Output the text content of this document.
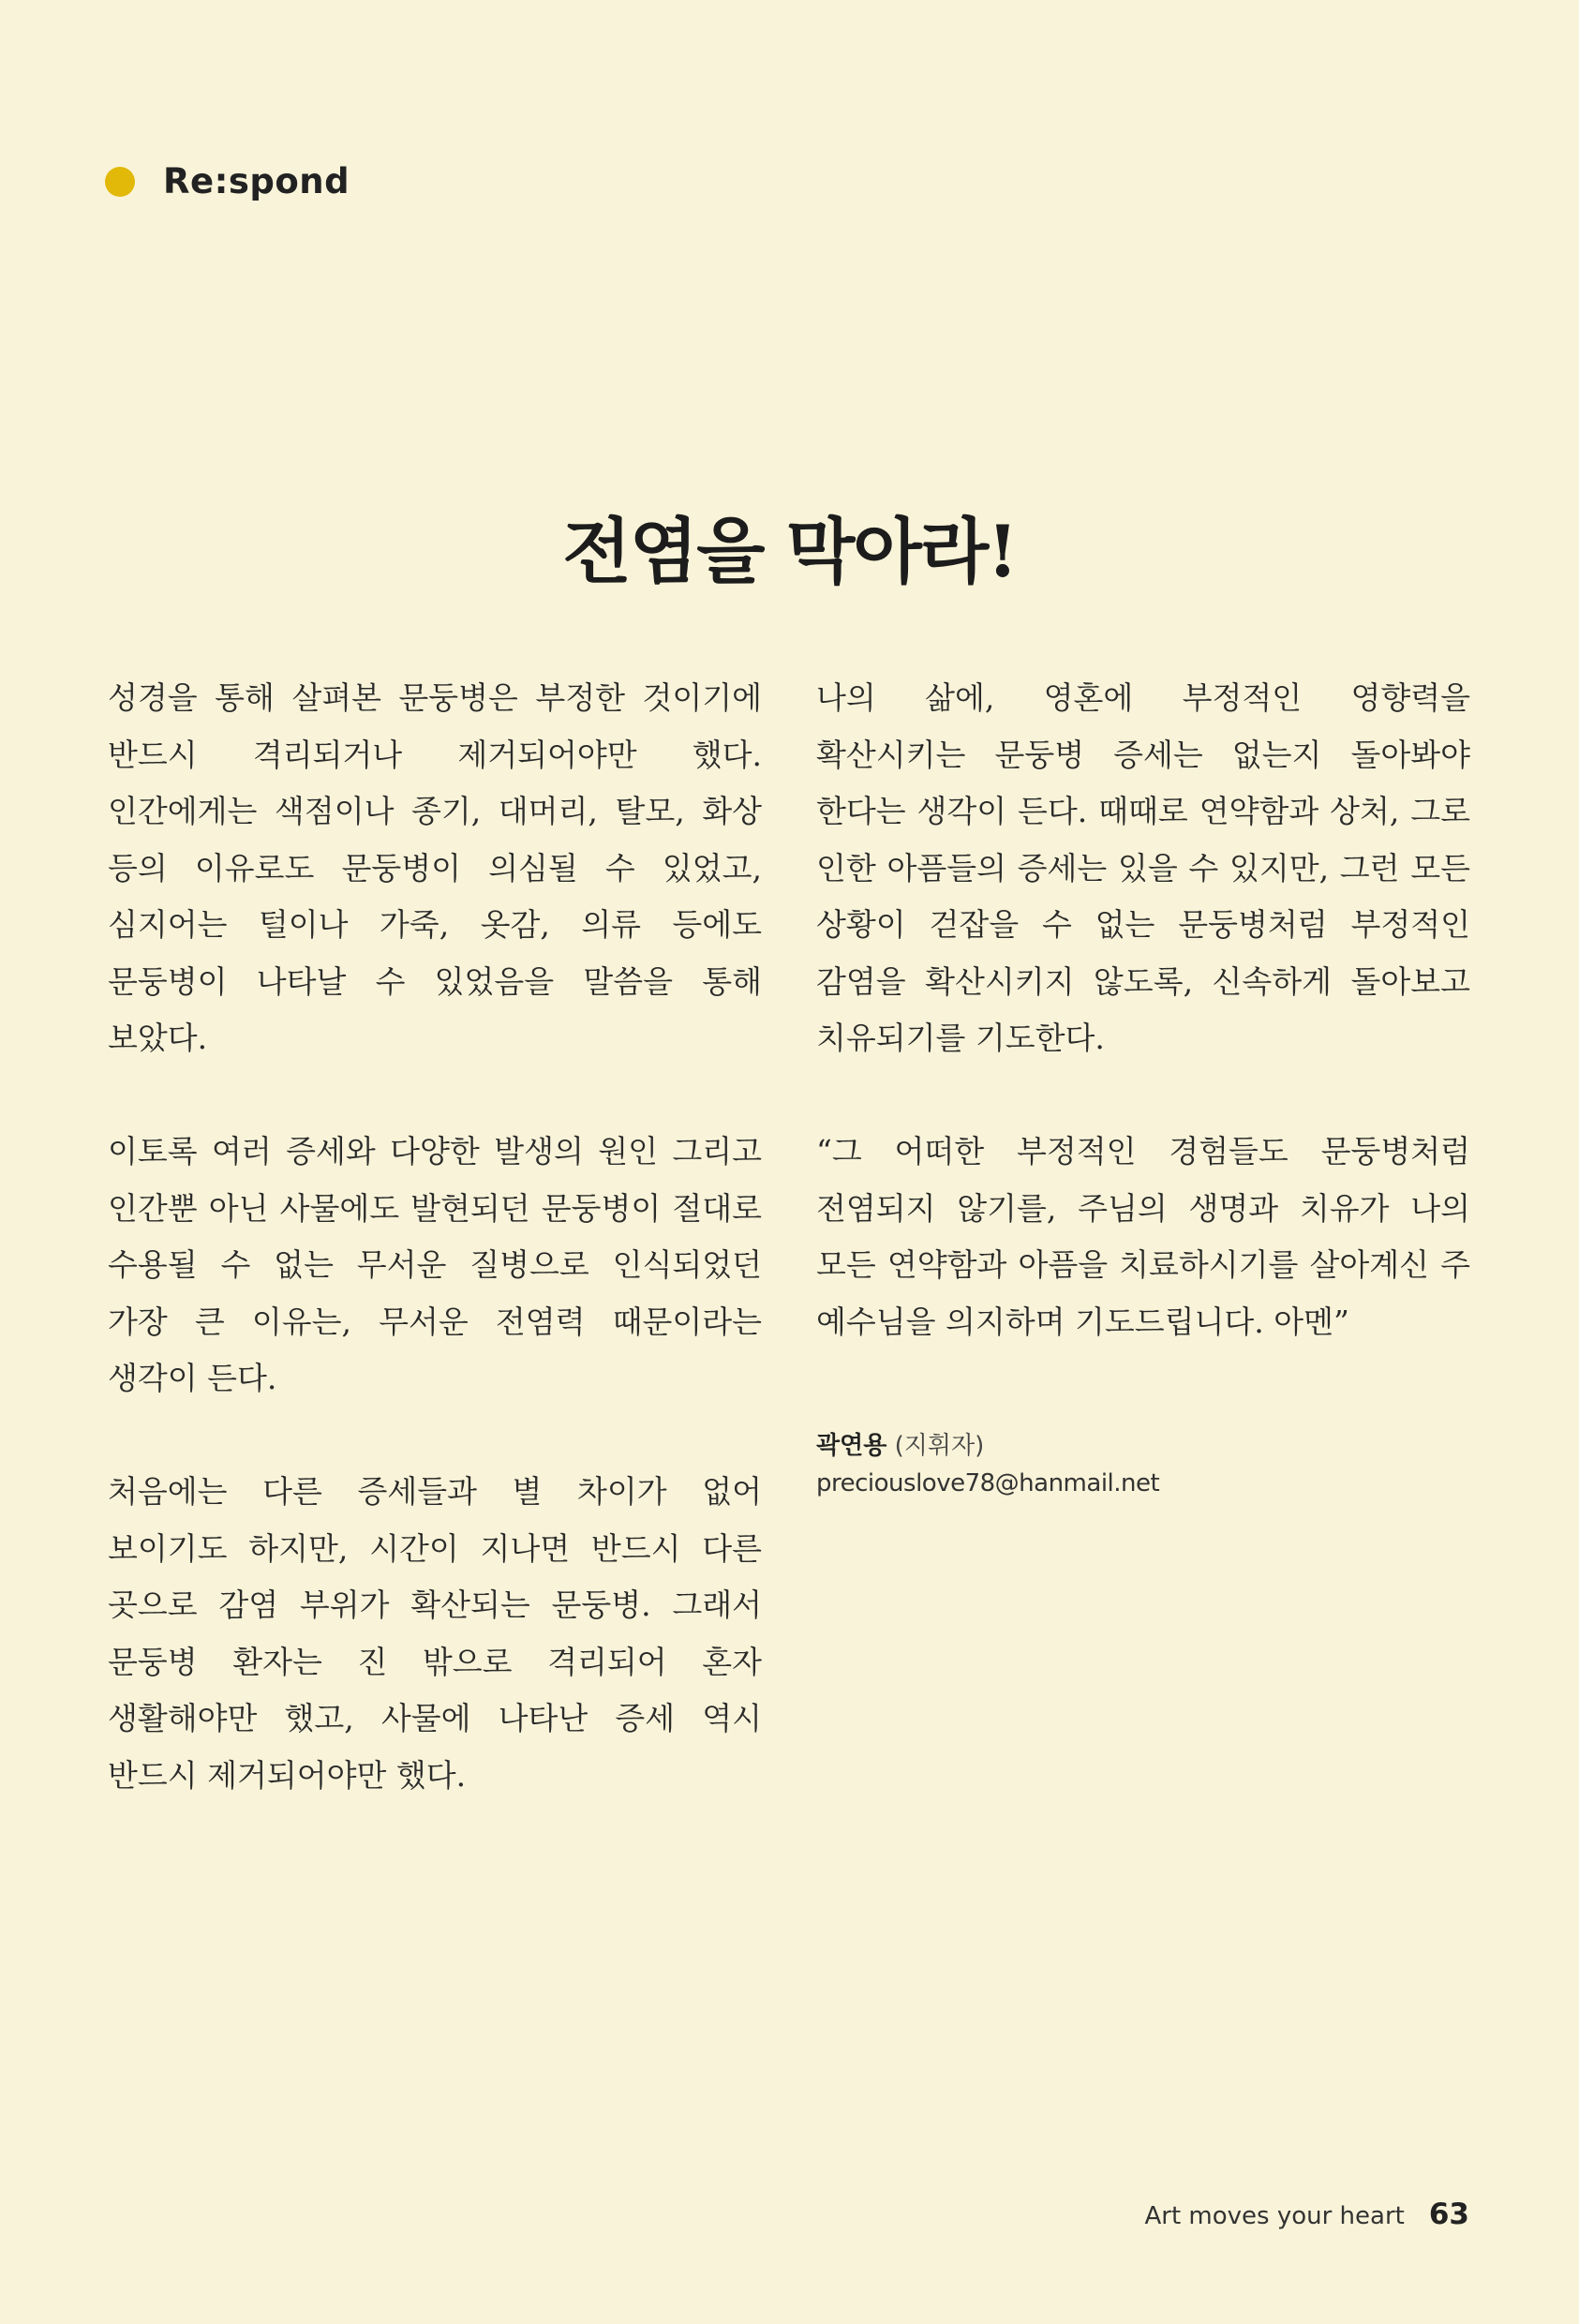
Re:spond
전염을 막아라!

성경을 통해 살펴본 문둥병은 부정한 것이기에 반드시 격리되거나 제거되어야만 했다. 인간에게는 색점이나 종기, 대머리, 탈모, 화상 등의 이유로도 문둥병이 의심될 수 있었고, 심지어는 털이나 가죽, 옷감, 의류 등에도 문둥병이 나타날 수 있었음을 말씀을 통해 보았다.

이토록 여러 증세와 다양한 발생의 원인 그리고 인간뿐 아닌 사물에도 발현되던 문둥병이 절대로 수용될 수 없는 무서운 질병으로 인식되었던 가장 큰 이유는, 무서운 전염력 때문이라는 생각이 든다.

처음에는 다른 증세들과 별 차이가 없어 보이기도 하지만, 시간이 지나면 반드시 다른 곳으로 감염 부위가 확산되는 문둥병. 그래서 문둥병 환자는 진 밖으로 격리되어 혼자 생활해야만 했고, 사물에 나타난 증세 역시 반드시 제거되어야만 했다.

나의 삶에, 영혼에 부정적인 영향력을 확산시키는 문둥병 증세는 없는지 돌아봐야 한다는 생각이 든다. 때때로 연약함과 상처, 그로 인한 아픔들의 증세는 있을 수 있지만, 그런 모든 상황이 걷잡을 수 없는 문둥병처럼 부정적인 감염을 확산시키지 않도록, 신속하게 돌아보고 치유되기를 기도한다.

“그 어떠한 부정적인 경험들도 문둥병처럼 전염되지 않기를, 주님의 생명과 치유가 나의 모든 연약함과 아픔을 치료하시기를 살아계신 주 예수님을 의지하며 기도드립니다. 아멘”

곽연용 (지휘자)
preciouslove78@hanmail.net
Art moves your heart 63
